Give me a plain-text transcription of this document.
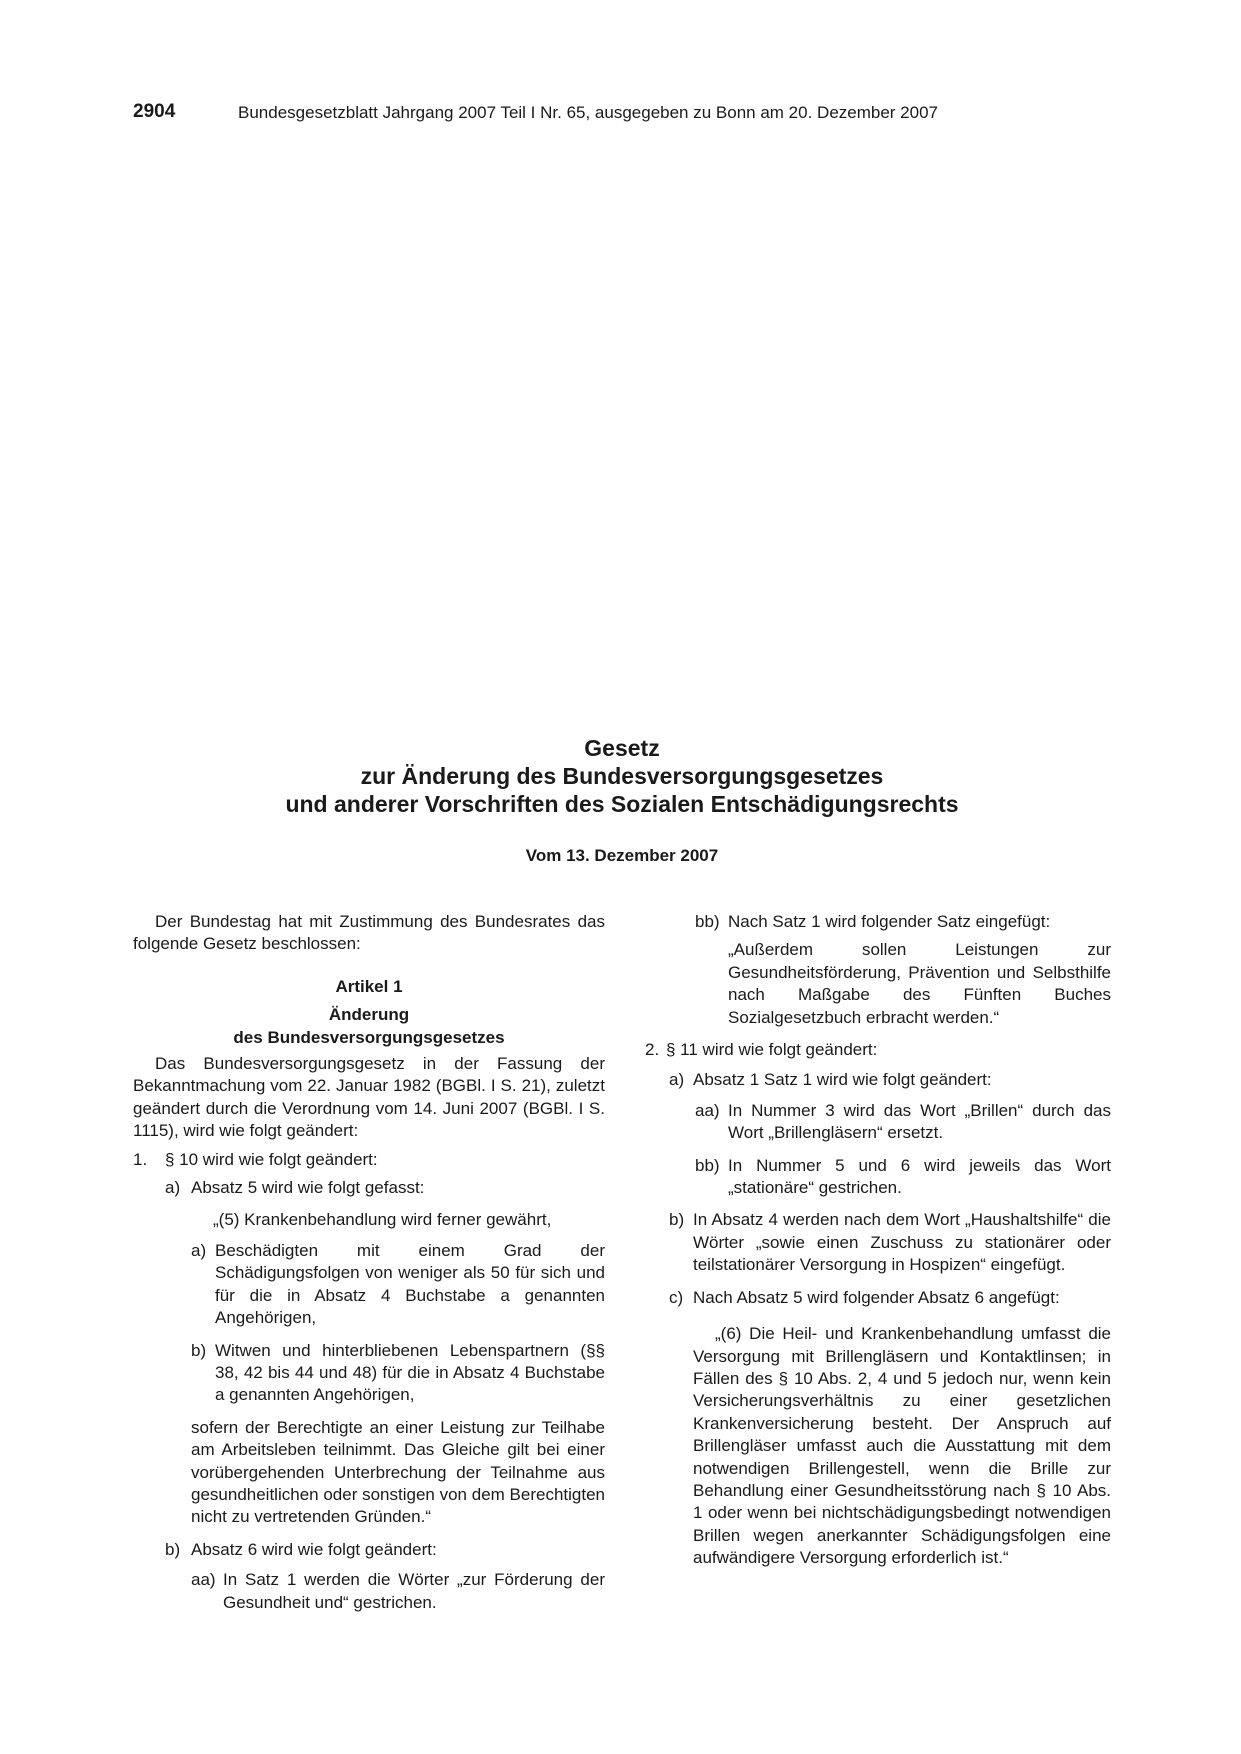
2904	Bundesgesetzblatt Jahrgang 2007 Teil I Nr. 65, ausgegeben zu Bonn am 20. Dezember 2007
Gesetz
zur Änderung des Bundesversorgungsgesetzes
und anderer Vorschriften des Sozialen Entschädigungsrechts
Vom 13. Dezember 2007

Der Bundestag hat mit Zustimmung des Bundesrates das folgende Gesetz beschlossen:

Artikel 1

Änderung

des Bundesversorgungsgesetzes

Das Bundesversorgungsgesetz in der Fassung der Bekanntmachung vom 22. Januar 1982 (BGBl. I S. 21), zuletzt geändert durch die Verordnung vom 14. Juni 2007 (BGBl. I S. 1115), wird wie folgt geändert:

1.	§ 10 wird wie folgt geändert:
a) Absatz 5 wird wie folgt gefasst:
„(5) Krankenbehandlung wird ferner gewährt,
a) Beschädigten mit einem Grad der Schädigungsfolgen von weniger als 50 für sich und für die in Absatz 4 Buchstabe a genannten Angehörigen,
b) Witwen und hinterbliebenen Lebenspartnern (§§ 38, 42 bis 44 und 48) für die in Absatz 4 Buchstabe a genannten Angehörigen,

sofern der Berechtigte an einer Leistung zur Teilhabe am Arbeitsleben teilnimmt. Das Gleiche gilt bei einer vorübergehenden Unterbrechung der Teilnahme aus gesundheitlichen oder sonstigen von dem Berechtigten nicht zu vertretenden Gründen.“

b) Absatz 6 wird wie folgt geändert:
aa) In Satz 1 werden die Wörter „zur Förderung der Gesundheit und“ gestrichen.
bb) Nach Satz 1 wird folgender Satz eingefügt:

„Außerdem sollen Leistungen zur Gesundheitsförderung, Prävention und Selbsthilfe nach Maßgabe des Fünften Buches Sozialgesetzbuch erbracht werden.“

2. § 11 wird wie folgt geändert:
a) Absatz 1 Satz 1 wird wie folgt geändert:
aa) In Nummer 3 wird das Wort „Brillen“ durch das Wort „Brillengläsern“ ersetzt.
bb) In Nummer 5 und 6 wird jeweils das Wort „stationäre“ gestrichen.
b) In Absatz 4 werden nach dem Wort „Haushaltshilfe“ die Wörter „sowie einen Zuschuss zu stationärer oder teilstationärer Versorgung in Hospizen“ eingefügt.
c) Nach Absatz 5 wird folgender Absatz 6 angefügt:

„(6) Die Heil- und Krankenbehandlung umfasst die Versorgung mit Brillengläsern und Kontaktlinsen; in Fällen des § 10 Abs. 2, 4 und 5 jedoch nur, wenn kein Versicherungsverhältnis zu einer gesetzlichen Krankenversicherung besteht. Der Anspruch auf Brillengläser umfasst auch die Ausstattung mit dem notwendigen Brillengestell, wenn die Brille zur Behandlung einer Gesundheitsstörung nach § 10 Abs. 1 oder wenn bei nichtschädigungsbedingt notwendigen Brillen wegen anerkannter Schädigungsfolgen eine aufwändigere Versorgung erforderlich ist.“
